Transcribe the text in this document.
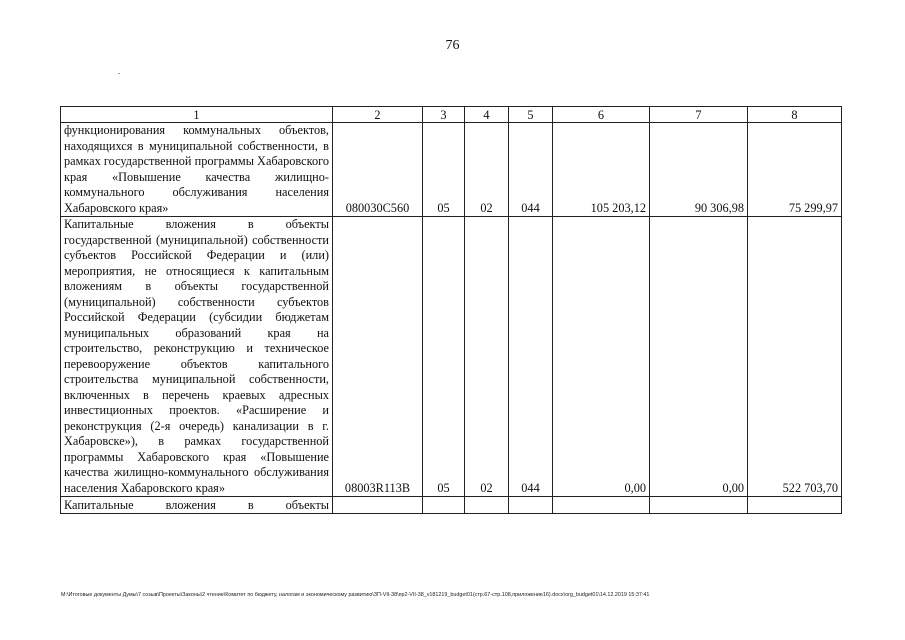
76
1	2	3	4	5	6	7	8
функционирования коммунальных объектов, находящихся в муниципальной собственности, в рамках государственной программы Хабаровского края «Повышение качества жилищно-коммунального обслуживания населения Хабаровского края»	080030С560	05	02	044	105 203,12	90 306,98	75 299,97
Капитальные вложения в объекты государственной (муниципальной) собственности субъектов Российской Федерации и (или) мероприятия, не относящиеся к капитальным вложениям в объекты государственной (муниципальной) собственности субъектов Российской Федерации (субсидии бюджетам муниципальных образований края на строительство, реконструкцию и техническое перевооружение объектов капитального строительства муниципальной собственности, включенных в перечень краевых адресных инвестиционных проектов. «Расширение и реконструкция (2-я очередь) канализации в г. Хабаровске»), в рамках государственной программы Хабаровского края «Повышение качества жилищно-коммунального обслуживания населения Хабаровского края»	08003R113В	05	02	044	0,00	0,00	522 703,70
Капитальные вложения в объекты							
M:\Итоговые документы Думы\7 созыв\Проекты\Законы\2 чтение\Комитет по бюджету, налогам и экономическому развитию\ЗП-VII-38\пр2-VII-38_v181219_budget01(стр.67-стр.108,приложение16).docx\org_budget01\14.12.2019 15:37:41
